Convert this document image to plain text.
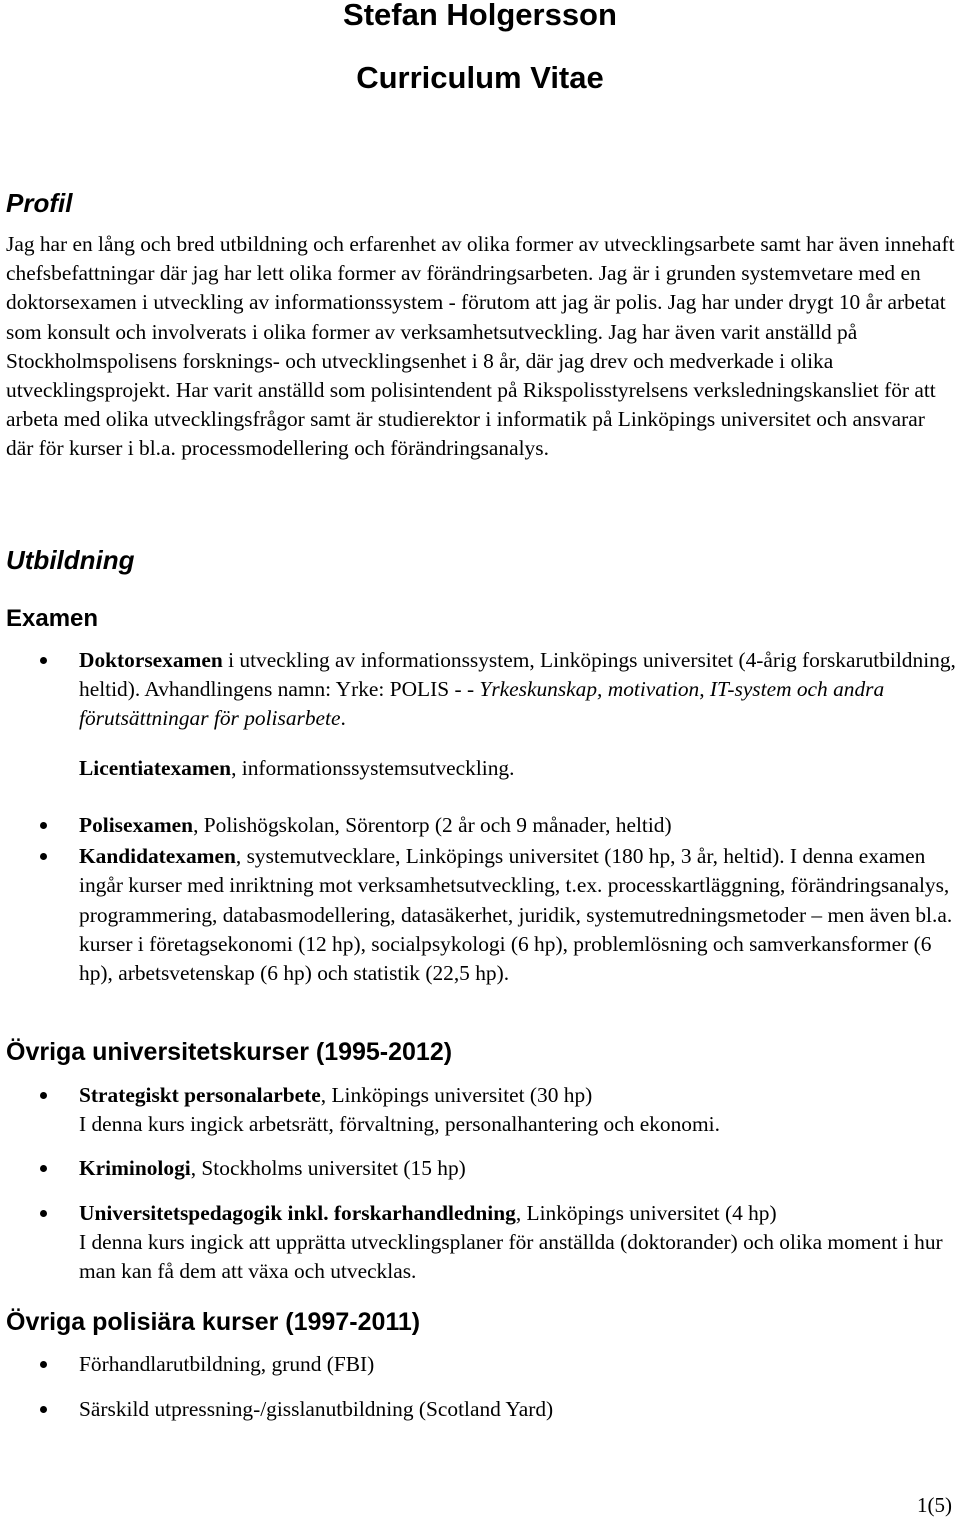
Stefan Holgersson
Curriculum Vitae
Profil

Jag har en lång och bred utbildning och erfarenhet av olika former av utvecklingsarbete samt har även innehaft chefsbefattningar där jag har lett olika former av förändringsarbeten. Jag är i grunden systemvetare med en doktorsexamen i utveckling av informationssystem - förutom att jag är polis. Jag har under drygt 10 år arbetat som konsult och involverats i olika former av verksamhetsutveckling. Jag har även varit anställd på Stockholmspolisens forsknings- och utvecklingsenhet i 8 år, där jag drev och medverkade i olika utvecklingsprojekt. Har varit anställd som polisintendent på Rikspolisstyrelsens verksledningskansliet för att arbeta med olika utvecklingsfrågor samt är studierektor i informatik på Linköpings universitet och ansvarar där för kurser i bl.a. processmodellering och förändringsanalys.

Utbildning
Examen
Doktorsexamen i utveckling av informationssystem, Linköpings universitet (4-årig forskarutbildning, heltid). Avhandlingens namn: Yrke: POLIS - - Yrkeskunskap, motivation, IT-system och andra förutsättningar för polisarbete.

Licentiatexamen, informationssystemsutveckling.

Polisexamen, Polishögskolan, Sörentorp (2 år och 9 månader, heltid)
Kandidatexamen, systemutvecklare, Linköpings universitet (180 hp, 3 år, heltid). I denna examen ingår kurser med inriktning mot verksamhetsutveckling, t.ex. processkartläggning, förändringsanalys, programmering, databasmodellering, datasäkerhet, juridik, systemutredningsmetoder – men även bl.a. kurser i företagsekonomi (12 hp), socialpsykologi (6 hp), problemlösning och samverkansformer (6 hp), arbetsvetenskap (6 hp) och statistik (22,5 hp).
Övriga universitetskurser (1995-2012)
Strategiskt personalarbete, Linköpings universitet (30 hp)
I denna kurs ingick arbetsrätt, förvaltning, personalhantering och ekonomi.
Kriminologi, Stockholms universitet (15 hp)
Universitetspedagogik inkl. forskarhandledning, Linköpings universitet (4 hp)
I denna kurs ingick att upprätta utvecklingsplaner för anställda (doktorander) och olika moment i hur man kan få dem att växa och utvecklas.
Övriga polisiära kurser (1997-2011)
Förhandlarutbildning, grund (FBI)
Särskild utpressning-/gisslanutbildning (Scotland Yard)

1(5)
